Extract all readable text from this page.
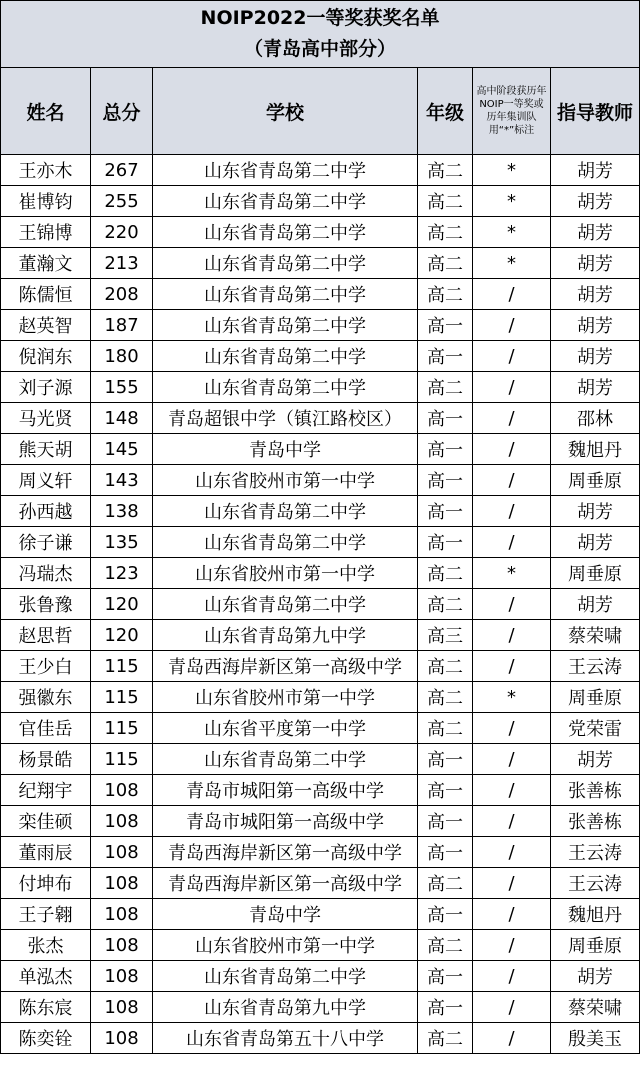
NOIP2022一等奖获奖名单
（青岛高中部分）					

姓名	总分	学校	年级	高中阶段获历年NOIP一等奖或历年集训队用“*”标注	指导教师
王亦木	267	山东省青岛第二中学	高二	*	胡芳
崔博钧	255	山东省青岛第二中学	高二	*	胡芳
王锦博	220	山东省青岛第二中学	高二	*	胡芳
董瀚文	213	山东省青岛第二中学	高二	*	胡芳
陈儒恒	208	山东省青岛第二中学	高二	/	胡芳
赵英智	187	山东省青岛第二中学	高一	/	胡芳
倪润东	180	山东省青岛第二中学	高一	/	胡芳
刘子源	155	山东省青岛第二中学	高二	/	胡芳
马光贤	148	青岛超银中学（镇江路校区）	高一	/	邵林
熊天胡	145	青岛中学	高一	/	魏旭丹
周义轩	143	山东省胶州市第一中学	高一	/	周垂原
孙西越	138	山东省青岛第二中学	高一	/	胡芳
徐子谦	135	山东省青岛第二中学	高一	/	胡芳
冯瑞杰	123	山东省胶州市第一中学	高二	*	周垂原
张鲁豫	120	山东省青岛第二中学	高二	/	胡芳
赵思哲	120	山东省青岛第九中学	高三	/	蔡荣啸
王少白	115	青岛西海岸新区第一高级中学	高二	/	王云涛
强徽东	115	山东省胶州市第一中学	高二	*	周垂原
官佳岳	115	山东省平度第一中学	高二	/	党荣雷
杨景皓	115	山东省青岛第二中学	高一	/	胡芳
纪翔宇	108	青岛市城阳第一高级中学	高一	/	张善栋
栾佳硕	108	青岛市城阳第一高级中学	高一	/	张善栋
董雨辰	108	青岛西海岸新区第一高级中学	高一	/	王云涛
付坤布	108	青岛西海岸新区第一高级中学	高二	/	王云涛
王子翱	108	青岛中学	高一	/	魏旭丹
张杰	108	山东省胶州市第一中学	高二	/	周垂原
单泓杰	108	山东省青岛第二中学	高一	/	胡芳
陈东宸	108	山东省青岛第九中学	高一	/	蔡荣啸
陈奕铨	108	山东省青岛第五十八中学	高二	/	殷美玉
